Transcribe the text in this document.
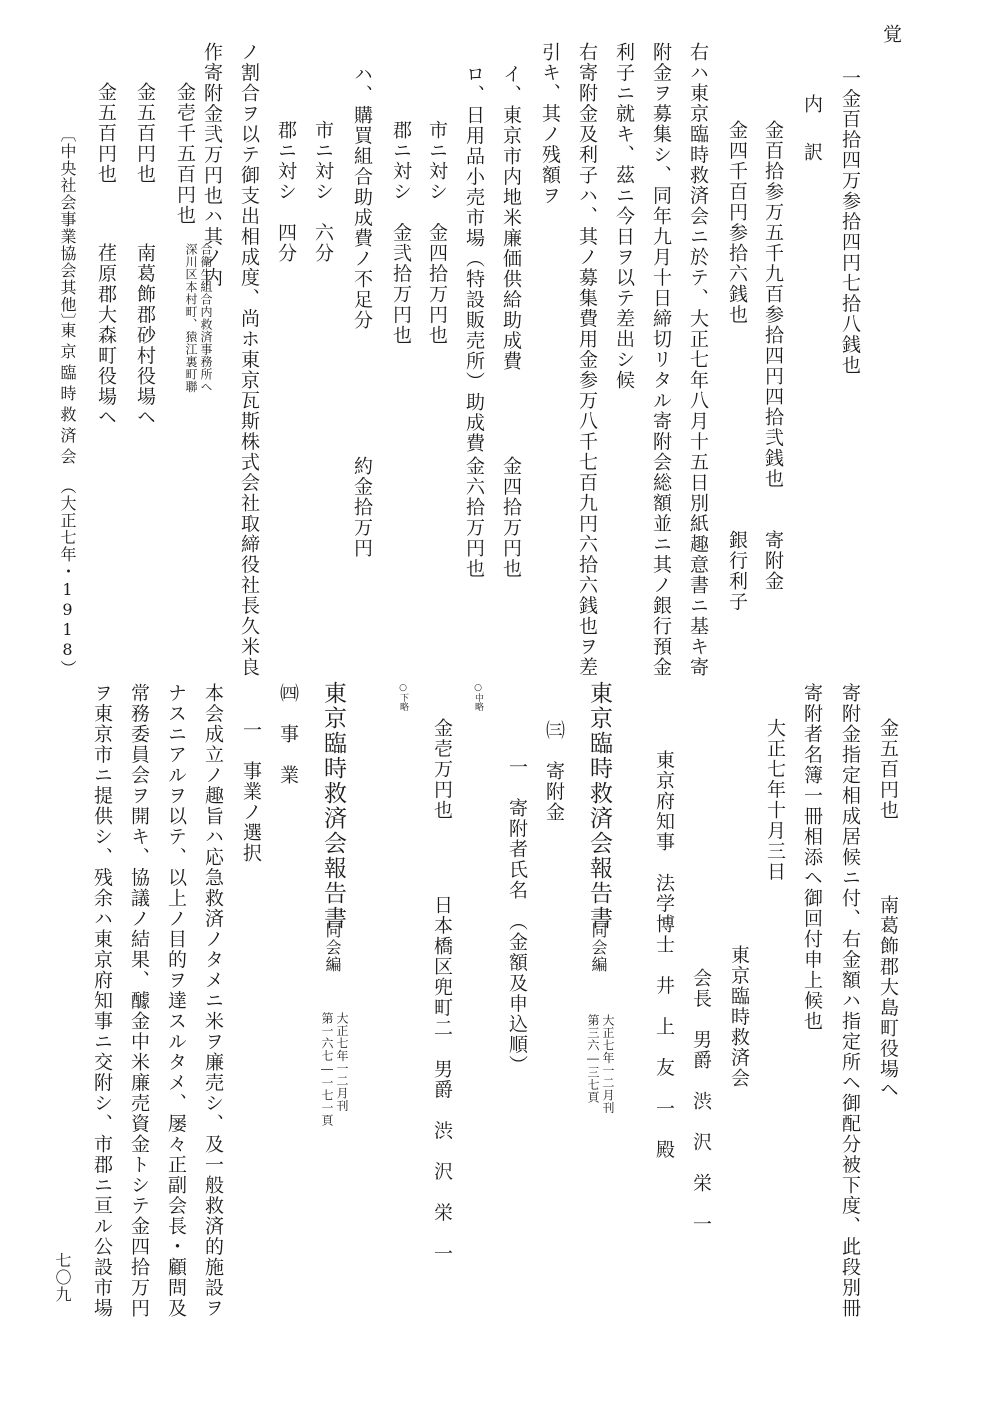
覚
一金百拾四万参拾四円七拾八銭也
内　訳
金百拾参万五千九百参拾四円四拾弐銭也　　寄附金
金四千百円参拾六銭也　　　　　　　　　　銀行利子
右ハ東京臨時救済会ニ於テ、大正七年八月十五日別紙趣意書ニ基キ寄
附金ヲ募集シ、同年九月十日締切リタル寄附会総額並ニ其ノ銀行預金
利子ニ就キ、茲ニ今日ヲ以テ差出シ候
右寄附金及利子ハ、其ノ募集費用金参万八千七百九円六拾六銭也ヲ差
引キ、其ノ残額ヲ
イ、東京市内地米廉価供給助成費
金四拾万円也
ロ、日用品小売市場（特設販売所）助成費
金六拾万円也
市ニ対シ　金四拾万円也
郡ニ対シ　金弐拾万円也
ハ、購買組合助成費ノ不足分
約金拾万円
市ニ対シ　六分
郡ニ対シ　四分
ノ割合ヲ以テ御支出相成度、尚ホ東京瓦斯株式会社取締役社長久米良
作寄附金弐万円也ハ其ノ内
金壱千五百円也
深川区本村町、猿江裏町聯 合衛生組合内救済事務所ヘ
金五百円也
南葛飾郡砂村役場ヘ
金五百円也
荏原郡大森町役場ヘ
〔中央社会事業協会其他〕
東京臨時救済会
（大正七年・1918）
金五百円也
南葛飾郡大島町役場ヘ
寄附金指定相成居候ニ付、右金額ハ指定所ヘ御配分被下度、此段別冊
寄附者名簿一冊相添ヘ御回付申上候也
大正七年十月三日
東京臨時救済会
会長　男爵　渋　沢　栄　一
東京府知事　法学博士　井　上　友　一　殿
東京臨時救済会報告書
同会編
第三六―三七頁 大正七年一二月刊
㈢　寄附金
一　寄附者氏名　（金額及申込順）
○中略
金壱万円也
日本橋区兜町二　男爵　渋　沢　栄　一
○下略
東京臨時救済会報告書
同会編
第一六七―一七一頁 大正七年一二月刊
㈣　事　業
一　事業ノ選択
本会成立ノ趣旨ハ応急救済ノタメニ米ヲ廉売シ、及一般救済的施設ヲ
ナスニアルヲ以テ、以上ノ目的ヲ達スルタメ、屡々正副会長・顧問及
常務委員会ヲ開キ、協議ノ結果、醵金中米廉売資金トシテ金四拾万円
ヲ東京市ニ提供シ、残余ハ東京府知事ニ交附シ、市郡ニ亘ル公設市場
七〇九
